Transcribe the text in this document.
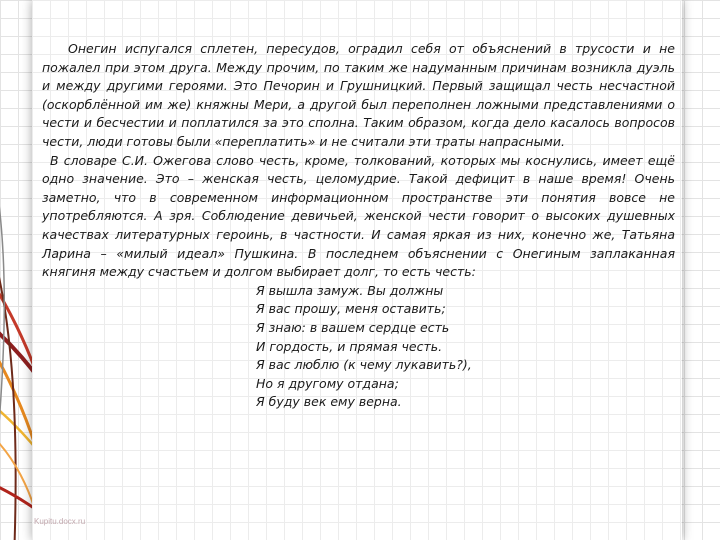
Онегин испугался сплетен, пересудов, оградил себя от объяснений в трусости и не пожалел при этом друга. Между прочим, по таким же надуманным причинам возникла дуэль и между другими героями. Это Печорин и Грушницкий. Первый защищал честь несчастной (оскорблённой им же) княжны Мери, а другой был переполнен ложными представлениями о чести и бесчестии и поплатился за это сполна. Таким образом, когда дело касалось вопросов чести, люди готовы были «переплатить» и не считали эти траты напрасными.

В словаре С.И. Ожегова слово честь, кроме, толкований, которых мы коснулись, имеет ещё одно значение. Это – женская честь, целомудрие. Такой дефицит в наше время! Очень заметно, что в современном информационном пространстве эти понятия вовсе не употребляются. А зря. Соблюдение девичьей, женской чести говорит о высоких душевных качествах литературных героинь, в частности. И самая яркая из них, конечно же, Татьяна Ларина – «милый идеал» Пушкина. В последнем объяснении с Онегиным заплаканная княгиня между счастьем и долгом выбирает долг, то есть честь:

Я вышла замуж. Вы должны
Я вас прошу, меня оставить;
Я знаю: в вашем сердце есть
И гордость, и прямая честь.
Я вас люблю (к чему лукавить?),
Но я другому отдана;
Я буду век ему верна.
Kupitu.docx.ru
